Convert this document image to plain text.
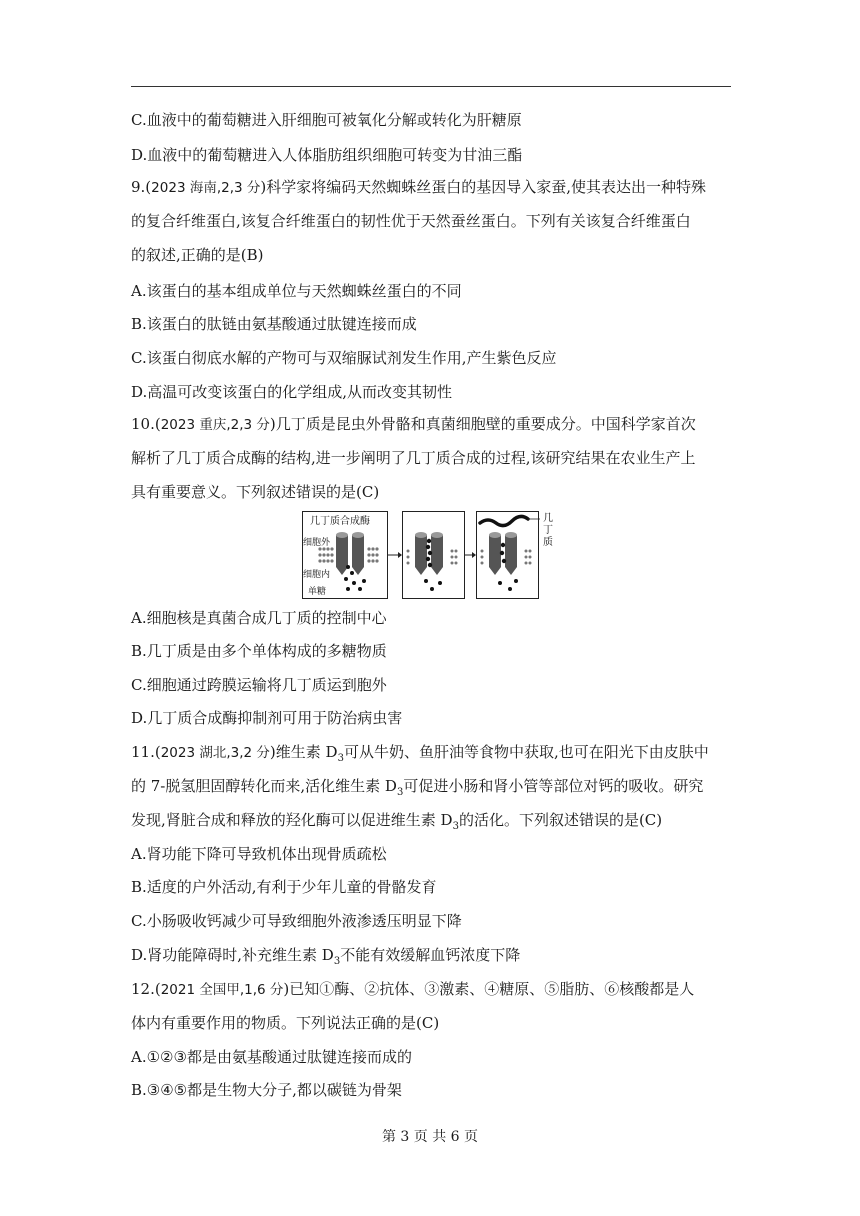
C.血液中的葡萄糖进入肝细胞可被氧化分解或转化为肝糖原
D.血液中的葡萄糖进入人体脂肪组织细胞可转变为甘油三酯
9.(2023 海南,2,3 分)科学家将编码天然蜘蛛丝蛋白的基因导入家蚕,使其表达出一种特殊
的复合纤维蛋白,该复合纤维蛋白的韧性优于天然蚕丝蛋白。下列有关该复合纤维蛋白
的叙述,正确的是(B)
A.该蛋白的基本组成单位与天然蜘蛛丝蛋白的不同
B.该蛋白的肽链由氨基酸通过肽键连接而成
C.该蛋白彻底水解的产物可与双缩脲试剂发生作用,产生紫色反应
D.高温可改变该蛋白的化学组成,从而改变其韧性
10.(2023 重庆,2,3 分)几丁质是昆虫外骨骼和真菌细胞壁的重要成分。中国科学家首次
解析了几丁质合成酶的结构,进一步阐明了几丁质合成的过程,该研究结果在农业生产上
具有重要意义。下列叙述错误的是(C)
A.细胞核是真菌合成几丁质的控制中心
B.几丁质是由多个单体构成的多糖物质
C.细胞通过跨膜运输将几丁质运到胞外
D.几丁质合成酶抑制剂可用于防治病虫害
11.(2023 湖北,3,2 分)维生素 $D_3$可从牛奶、鱼肝油等食物中获取,也可在阳光下由皮肤中
的 7-脱氢胆固醇转化而来,活化维生素 $D_3$可促进小肠和肾小管等部位对钙的吸收。研究
发现,肾脏合成和释放的羟化酶可以促进维生素 $D_3$的活化。下列叙述错误的是(C)
A.肾功能下降可导致机体出现骨质疏松
B.适度的户外活动,有利于少年儿童的骨骼发育
C.小肠吸收钙减少可导致细胞外液渗透压明显下降
D.肾功能障碍时,补充维生素 $D_3$不能有效缓解血钙浓度下降
12.(2021 全国甲,1,6 分)已知①酶、②抗体、③激素、④糖原、⑤脂肪、⑥核酸都是人
体内有重要作用的物质。下列说法正确的是(C)
A.①②③都是由氨基酸通过肽键连接而成的
B.③④⑤都是生物大分子,都以碳链为骨架
几丁质合成酶
细胞外
细胞内
单糖
几丁质
第 3 页 共 6 页
